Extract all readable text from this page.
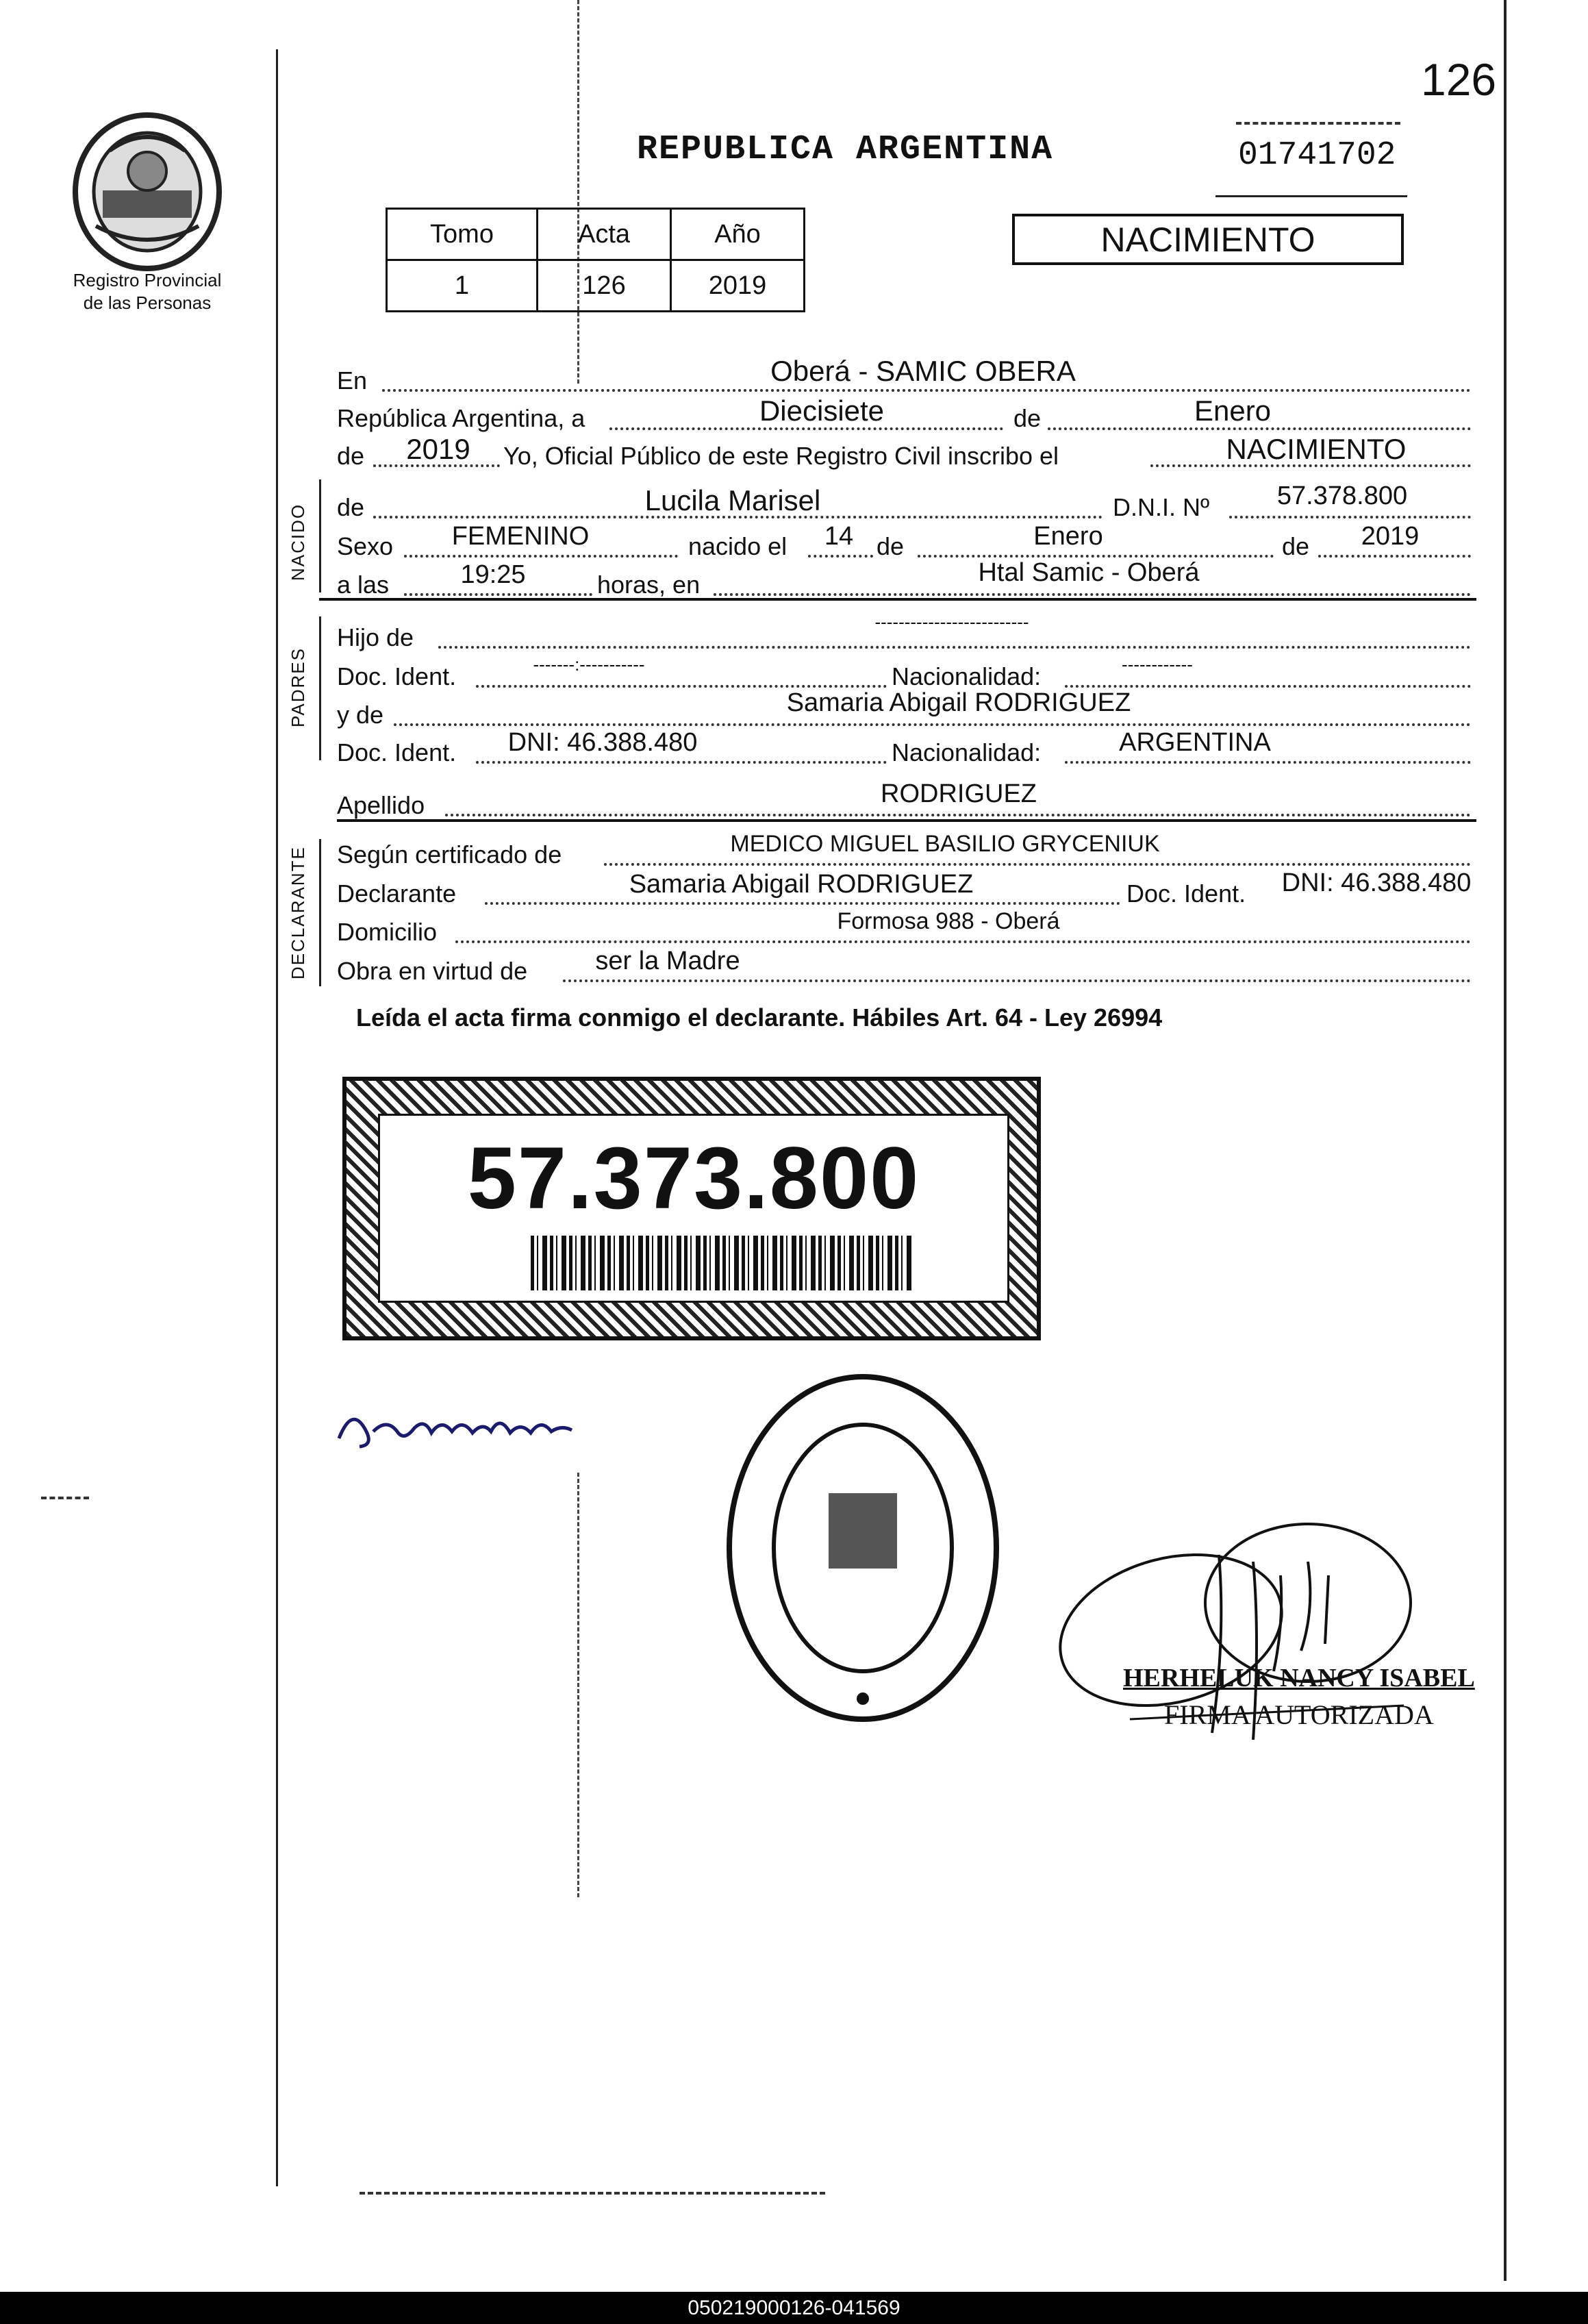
126
Registro Provincial
de las Personas
REPUBLICA ARGENTINA	01741702
Tomo	Acta	Año
1	126	2019
NACIMIENTO
En	Oberá - SAMIC OBERA
República Argentina, a	Diecisiete	de	Enero
de 2019 Yo, Oficial Público de este Registro Civil inscribo el	NACIMIENTO
NACIDO de	Lucila Marisel	D.N.I. Nº	57.378.800
Sexo FEMENINO	nacido el 14 de	Enero	de 2019
a las	19:25	horas, en	Htal Samic - Oberá
PADRES
Hijo de
--------------------------
Doc. Ident.	-------:-----------	Nacionalidad:	------------
y de	Samaria Abigail RODRIGUEZ
Doc. Ident. DNI: 46.388.480	Nacionalidad:	ARGENTINA
Apellido	RODRIGUEZ
DECLARANTE Según certificado de	MEDICO MIGUEL BASILIO GRYCENIUK
Declarante	Samaria Abigail RODRIGUEZ	Doc. Ident. DNI: 46.388.480
Domicilio	Formosa 988 - Oberá
Obra en virtud de	ser la Madre
Leída el acta firma conmigo el declarante. Hábiles Art. 64 - Ley 26994
57.373.800
HERHELUK NANCY ISABEL
FIRMA AUTORIZADA
050219000126-041569
